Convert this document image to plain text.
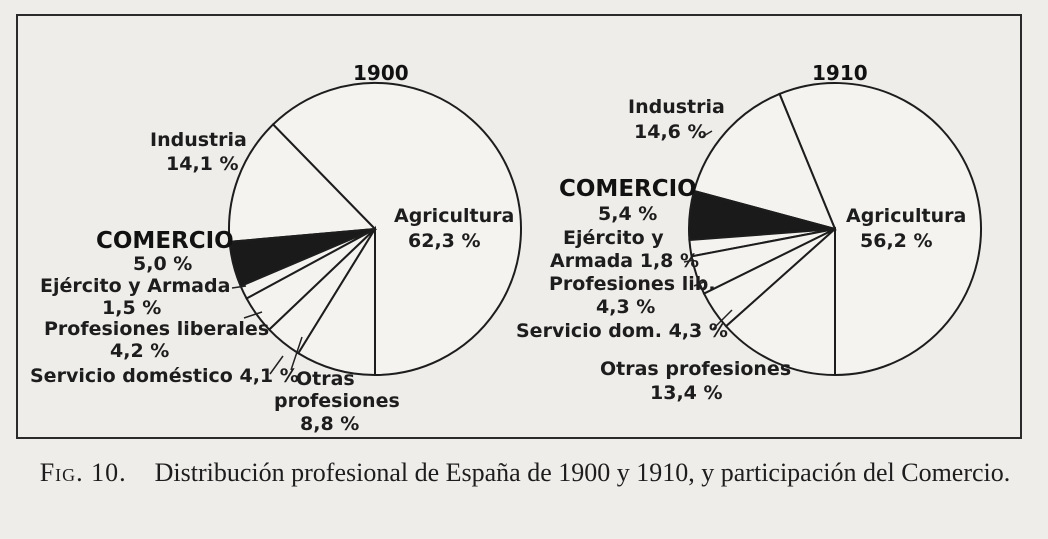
1900
Industria
14,1 %
Agricultura
62,3 %
COMERCIO
5,0 %
Ejército y Armada
1,5 %
Profesiones liberales
4,2 %
Servicio doméstico 4,1 %
Otras
profesiones
8,8 %
1910
Industria
14,6 %
Agricultura
56,2 %
COMERCIO
5,4 %
Ejército y
Armada 1,8 %
Profesiones lib.
4,3 %
Servicio dom. 4,3 %
Otras profesiones
13,4 %
Fig. 10. Distribución profesional de España de 1900 y 1910, y participación del Comercio.
